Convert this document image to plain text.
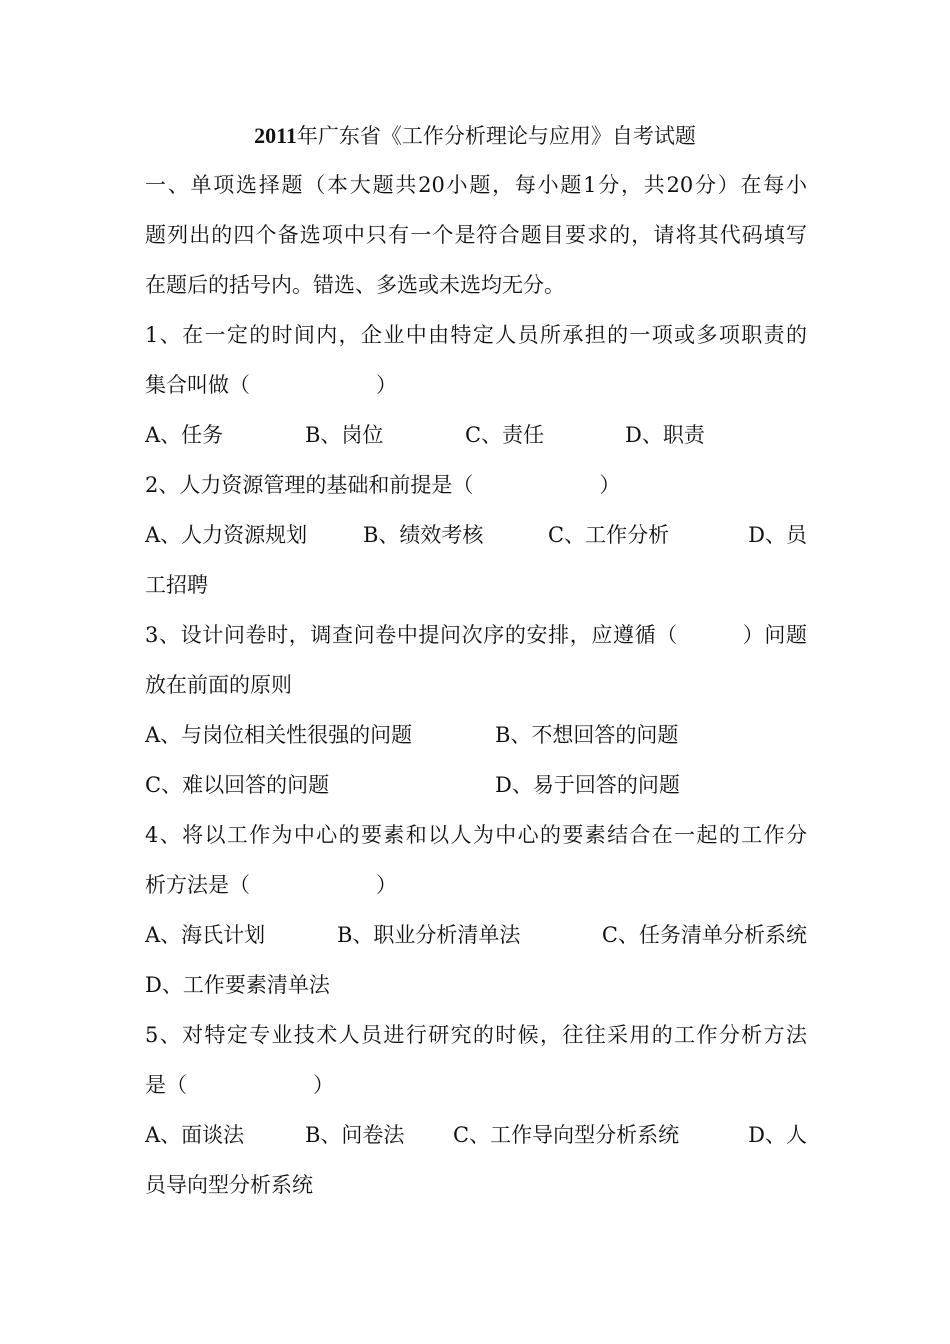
2011年广东省《工作分析理论与应用》自考试题
一、单项选择题（本大题共20小题，每小题1分，共20分）在每小
题列出的四个备选项中只有一个是符合题目要求的，请将其代码填写
在题后的括号内。错选、多选或未选均无分。
1、在一定的时间内，企业中由特定人员所承担的一项或多项职责的
集合叫做（　　　　　　）
A、任务	B、岗位	C、责任	D、职责
2、人力资源管理的基础和前提是（　　　　　　）
A、人力资源规划	B、绩效考核	C、工作分析	D、员
工招聘
3、设计问卷时，调查问卷中提问次序的安排，应遵循（　　　）问题
放在前面的原则
A、与岗位相关性很强的问题	B、不想回答的问题
C、难以回答的问题	D、易于回答的问题
4、将以工作为中心的要素和以人为中心的要素结合在一起的工作分
析方法是（　　　　　　）
A、海氏计划	B、职业分析清单法	C、任务清单分析系统
D、工作要素清单法
5、对特定专业技术人员进行研究的时候，往往采用的工作分析方法
是（　　　　　　）
A、面谈法	B、问卷法 C、工作导向型分析系统	D、人
员导向型分析系统
